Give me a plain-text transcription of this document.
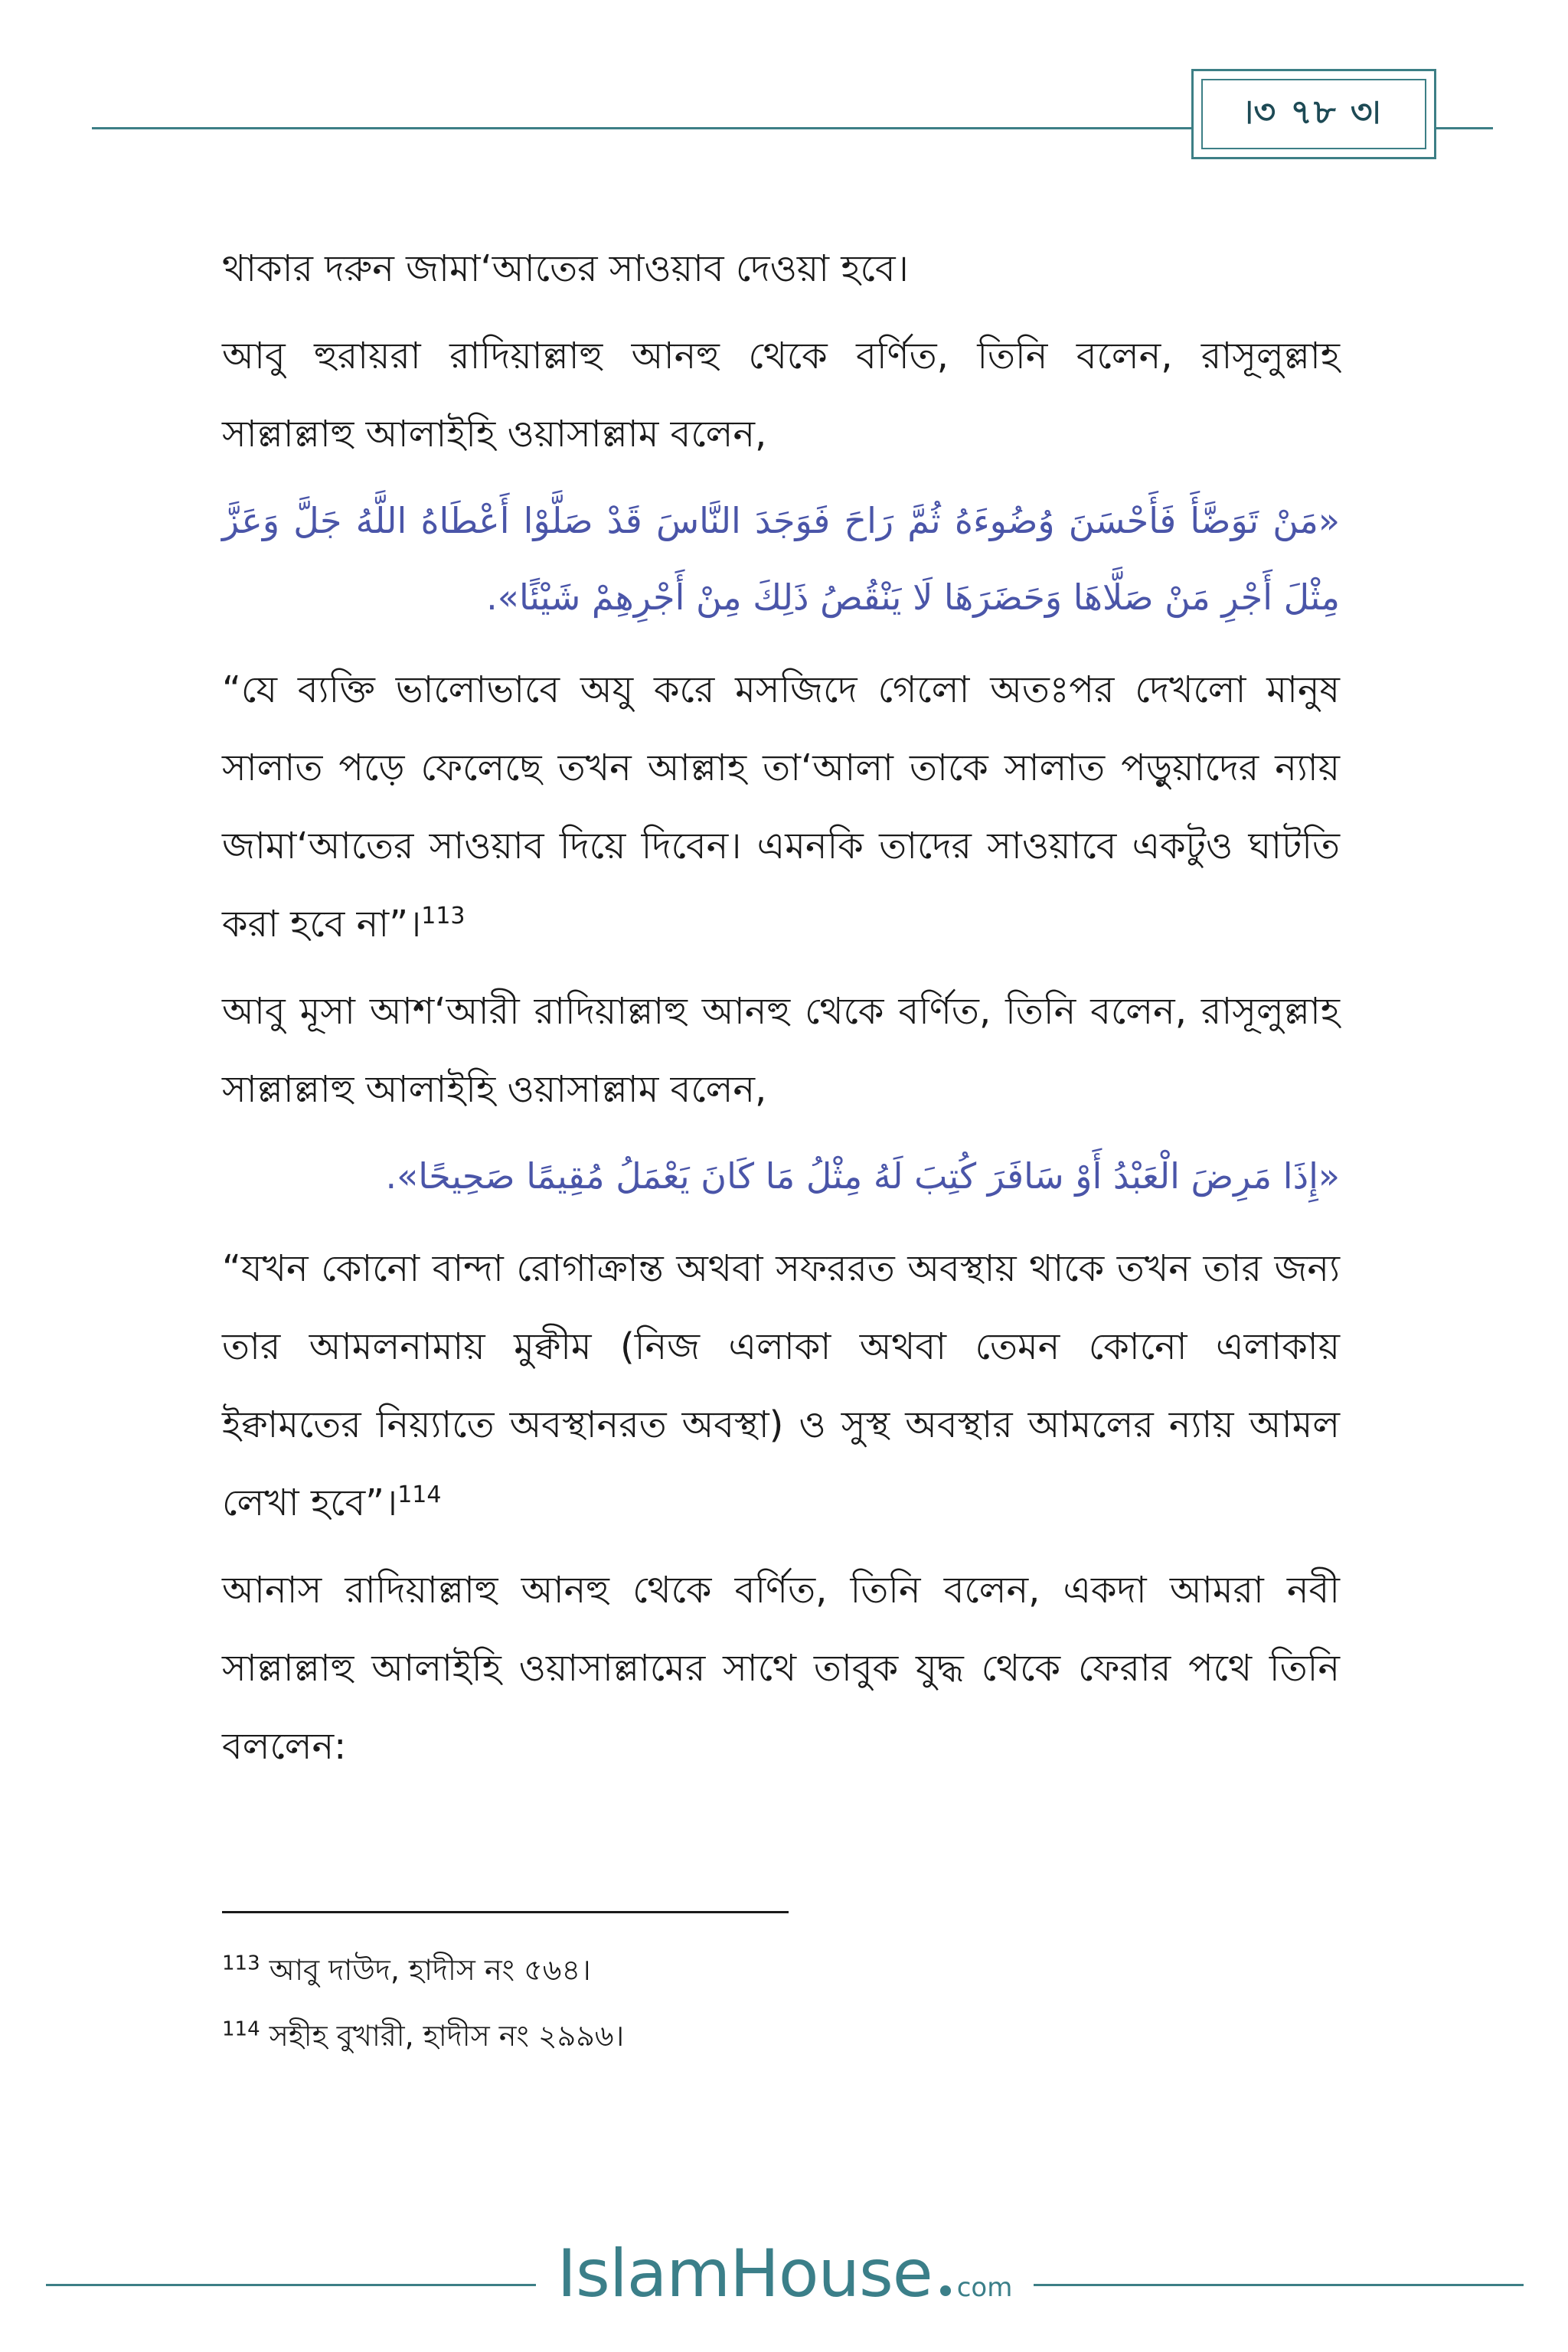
৷৩ ৭৮ ৩৷

থাকার দরুন জামা‘আতের সাওয়াব দেওয়া হবে।

আবু হুরায়রা রাদিয়াল্লাহু আনহু থেকে বর্ণিত, তিনি বলেন, রাসূলুল্লাহ সাল্লাল্লাহু আলাইহি ওয়াসাল্লাম বলেন,

«مَنْ تَوَضَّأَ فَأَحْسَنَ وُضُوءَهُ ثُمَّ رَاحَ فَوَجَدَ النَّاسَ قَدْ صَلَّوْا أَعْطَاهُ اللَّهُ جَلَّ وَعَزَّ مِثْلَ أَجْرِ مَنْ صَلَّاهَا وَحَضَرَهَا لَا يَنْقُصُ ذَلِكَ مِنْ أَجْرِهِمْ شَيْئًا».

“যে ব্যক্তি ভালোভাবে অযু করে মসজিদে গেলো অতঃপর দেখলো মানুষ সালাত পড়ে ফেলেছে তখন আল্লাহ তা‘আলা তাকে সালাত পড়ুয়াদের ন্যায় জামা‘আতের সাওয়াব দিয়ে দিবেন। এমনকি তাদের সাওয়াবে একটুও ঘাটতি করা হবে না”।$^{113}$

আবু মূসা আশ‘আরী রাদিয়াল্লাহু আনহু থেকে বর্ণিত, তিনি বলেন, রাসূলুল্লাহ সাল্লাল্লাহু আলাইহি ওয়াসাল্লাম বলেন,

«إِذَا مَرِضَ الْعَبْدُ أَوْ سَافَرَ كُتِبَ لَهُ مِثْلُ مَا كَانَ يَعْمَلُ مُقِيمًا صَحِيحًا».

“যখন কোনো বান্দা রোগাক্রান্ত অথবা সফররত অবস্থায় থাকে তখন তার জন্য তার আমলনামায় মুক্বীম (নিজ এলাকা অথবা তেমন কোনো এলাকায় ইক্বামতের নিয়্যাতে অবস্থানরত অবস্থা) ও সুস্থ অবস্থার আমলের ন্যায় আমল লেখা হবে”।$^{114}$

আনাস রাদিয়াল্লাহু আনহু থেকে বর্ণিত, তিনি বলেন, একদা আমরা নবী সাল্লাল্লাহু আলাইহি ওয়াসাল্লামের সাথে তাবুক যুদ্ধ থেকে ফেরার পথে তিনি বললেন:

$^{113}$ আবু দাউদ, হাদীস নং ৫৬৪।

$^{114}$ সহীহ বুখারী, হাদীস নং ২৯৯৬।

IslamHouse com
